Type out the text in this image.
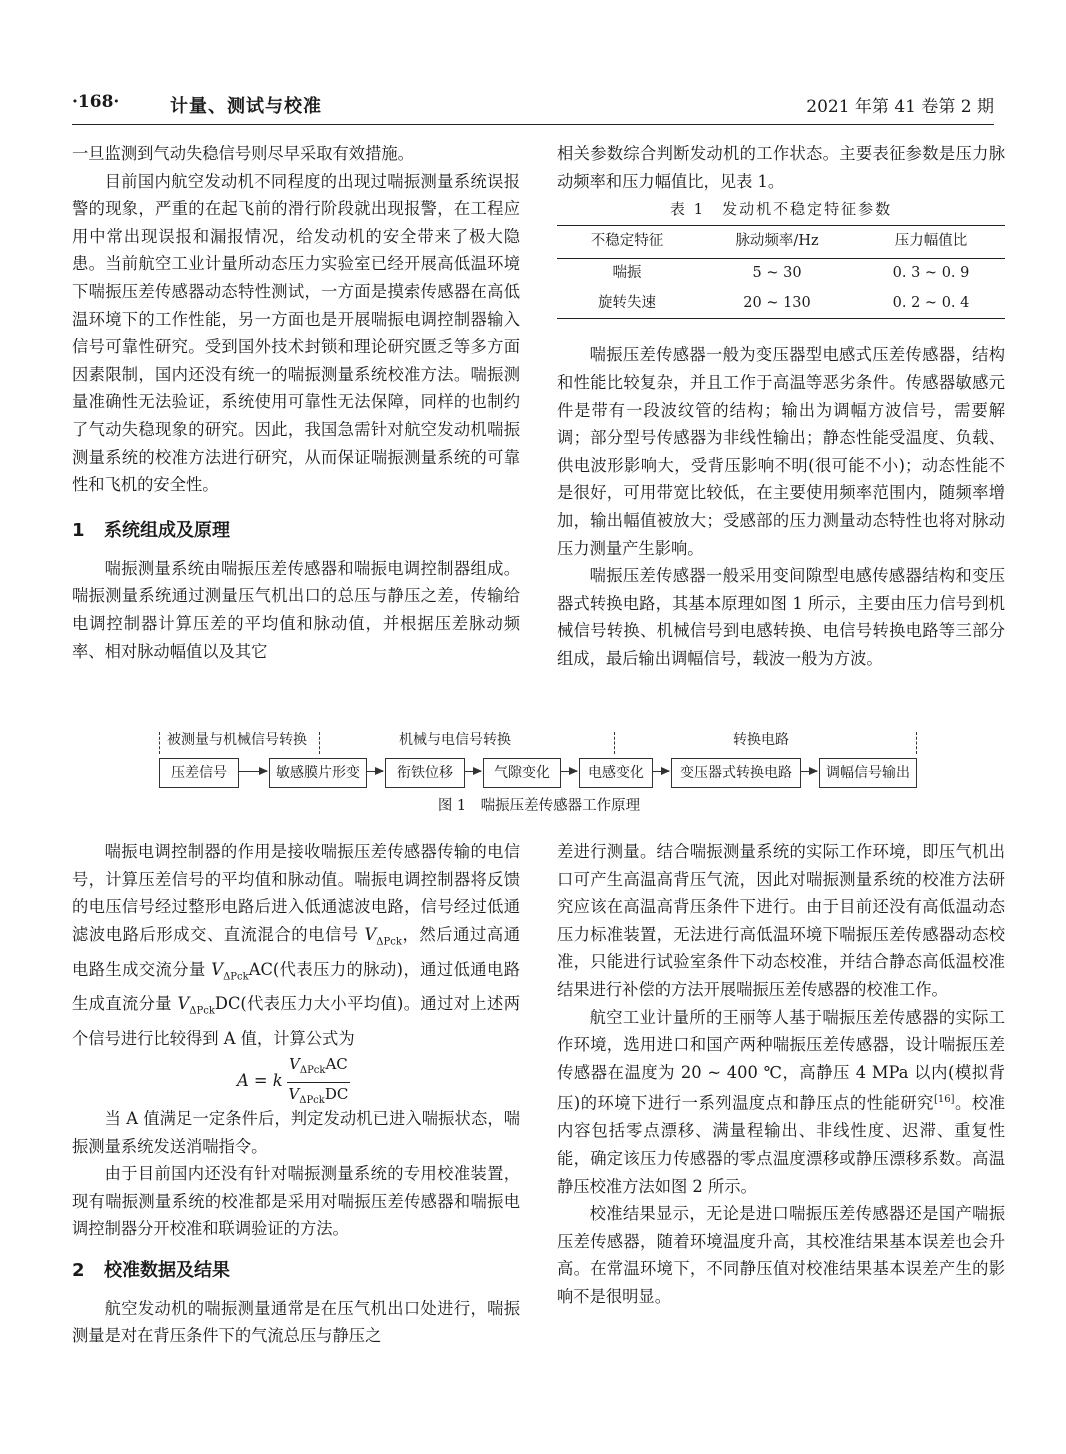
·168·	计量、测试与校准	2021 年第 41 卷第 2 期

一旦监测到气动失稳信号则尽早采取有效措施。

目前国内航空发动机不同程度的出现过喘振测量系统误报警的现象，严重的在起飞前的滑行阶段就出现报警，在工程应用中常出现误报和漏报情况，给发动机的安全带来了极大隐患。当前航空工业计量所动态压力实验室已经开展高低温环境下喘振压差传感器动态特性测试，一方面是摸索传感器在高低温环境下的工作性能，另一方面也是开展喘振电调控制器输入信号可靠性研究。受到国外技术封锁和理论研究匮乏等多方面因素限制，国内还没有统一的喘振测量系统校准方法。喘振测量准确性无法验证，系统使用可靠性无法保障，同样的也制约了气动失稳现象的研究。因此，我国急需针对航空发动机喘振测量系统的校准方法进行研究，从而保证喘振测量系统的可靠性和飞机的安全性。

1 系统组成及原理

喘振测量系统由喘振压差传感器和喘振电调控制器组成。喘振测量系统通过测量压气机出口的总压与静压之差，传输给电调控制器计算压差的平均值和脉动值，并根据压差脉动频率、相对脉动幅值以及其它

相关参数综合判断发动机的工作状态。主要表征参数是压力脉动频率和压力幅值比，见表 1。

表 1　发动机不稳定特征参数
不稳定特征	脉动频率/Hz	压力幅值比
喘振	5 ~ 30	0. 3 ~ 0. 9
旋转失速	20 ~ 130	0. 2 ~ 0. 4

喘振压差传感器一般为变压器型电感式压差传感器，结构和性能比较复杂，并且工作于高温等恶劣条件。传感器敏感元件是带有一段波纹管的结构；输出为调幅方波信号，需要解调；部分型号传感器为非线性输出；静态性能受温度、负载、供电波形影响大，受背压影响不明(很可能不小)；动态性能不是很好，可用带宽比较低，在主要使用频率范围内，随频率增加，输出幅值被放大；受感部的压力测量动态特性也将对脉动压力测量产生影响。

喘振压差传感器一般采用变间隙型电感传感器结构和变压器式转换电路，其基本原理如图 1 所示，主要由压力信号到机械信号转换、机械信号到电感转换、电信号转换电路等三部分组成，最后输出调幅信号，载波一般为方波。

被测量与机械信号转换	机械与电信号转换	转换电路
压差信号	敏感膜片形变	衔铁位移	气隙变化	电感变化	变压器式转换电路	调幅信号输出
图 1　喘振压差传感器工作原理

喘振电调控制器的作用是接收喘振压差传感器传输的电信号，计算压差信号的平均值和脉动值。喘振电调控制器将反馈的电压信号经过整形电路后进入低通滤波电路，信号经过低通滤波电路后形成交、直流混合的电信号 $V_{\Delta Pck}$，然后通过高通电路生成交流分量 $V_{\Delta Pck}AC$(代表压力的脉动)，通过低通电路生成直流分量 $V_{\Delta Pck}DC$(代表压力大小平均值)。通过对上述两个信号进行比较得到 A 值，计算公式为

A = k
$V_{\Delta Pck}AC$
$V_{\Delta Pck}DC$

当 A 值满足一定条件后，判定发动机已进入喘振状态，喘振测量系统发送消喘指令。

由于目前国内还没有针对喘振测量系统的专用校准装置，现有喘振测量系统的校准都是采用对喘振压差传感器和喘振电调控制器分开校准和联调验证的方法。

2 校准数据及结果

航空发动机的喘振测量通常是在压气机出口处进行，喘振测量是对在背压条件下的气流总压与静压之

差进行测量。结合喘振测量系统的实际工作环境，即压气机出口可产生高温高背压气流，因此对喘振测量系统的校准方法研究应该在高温高背压条件下进行。由于目前还没有高低温动态压力标准装置，无法进行高低温环境下喘振压差传感器动态校准，只能进行试验室条件下动态校准，并结合静态高低温校准结果进行补偿的方法开展喘振压差传感器的校准工作。

航空工业计量所的王丽等人基于喘振压差传感器的实际工作环境，选用进口和国产两种喘振压差传感器，设计喘振压差传感器在温度为 20 ~ 400 ℃，高静压 4 MPa 以内(模拟背压)的环境下进行一系列温度点和静压点的性能研究[16]。校准内容包括零点漂移、满量程输出、非线性度、迟滞、重复性能，确定该压力传感器的零点温度漂移或静压漂移系数。高温静压校准方法如图 2 所示。

校准结果显示，无论是进口喘振压差传感器还是国产喘振压差传感器，随着环境温度升高，其校准结果基本误差也会升高。在常温环境下，不同静压值对校准结果基本误差产生的影响不是很明显。
